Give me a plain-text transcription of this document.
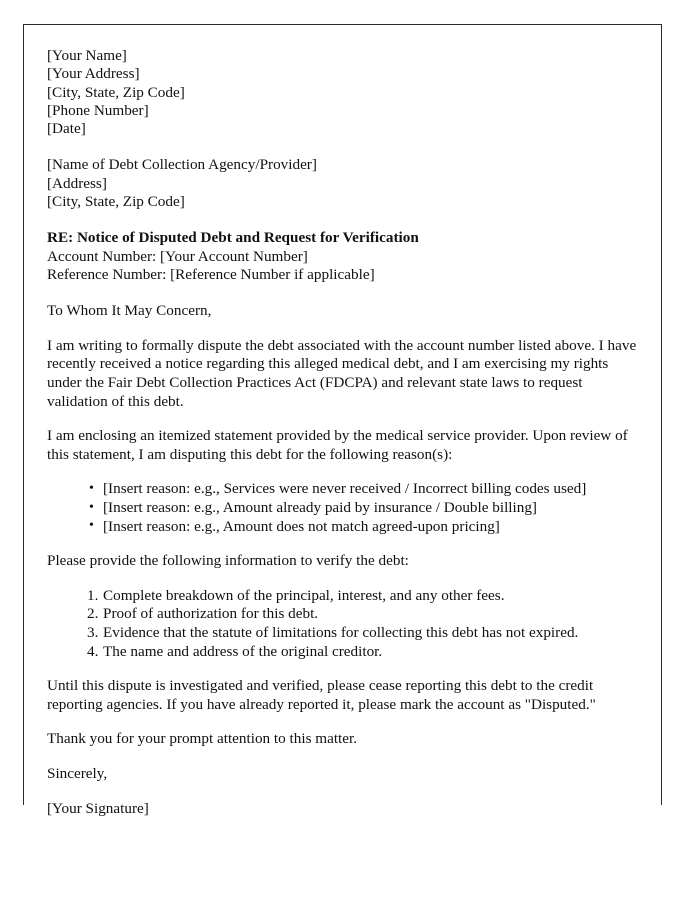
[Your Name]
[Your Address]
[City, State, Zip Code]
[Phone Number]
[Date]
[Name of Debt Collection Agency/Provider]
[Address]
[City, State, Zip Code]
RE: Notice of Disputed Debt and Request for Verification
Account Number: [Your Account Number]
Reference Number: [Reference Number if applicable]
To Whom It May Concern,

I am writing to formally dispute the debt associated with the account number listed above. I have recently received a notice regarding this alleged medical debt, and I am exercising my rights under the Fair Debt Collection Practices Act (FDCPA) and relevant state laws to request validation of this debt.

I am enclosing an itemized statement provided by the medical service provider. Upon review of this statement, I am disputing this debt for the following reason(s):

• [Insert reason: e.g., Services were never received / Incorrect billing codes used]
• [Insert reason: e.g., Amount already paid by insurance / Double billing]
• [Insert reason: e.g., Amount does not match agreed-upon pricing]

Please provide the following information to verify the debt:

Complete breakdown of the principal, interest, and any other fees.
Proof of authorization for this debt.
Evidence that the statute of limitations for collecting this debt has not expired.
The name and address of the original creditor.

Until this dispute is investigated and verified, please cease reporting this debt to the credit reporting agencies. If you have already reported it, please mark the account as "Disputed."

Thank you for your prompt attention to this matter.

Sincerely,
[Your Signature]
